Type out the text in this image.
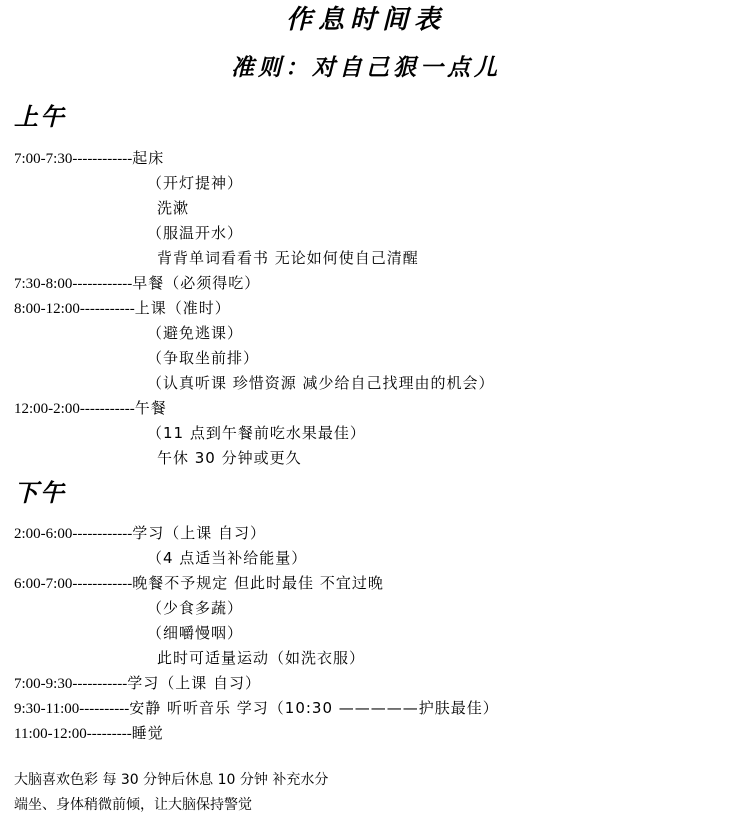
作息时间表
准则：对自己狠一点儿
上午
7:00-7:30------------起床
（开灯提神）
洗漱
（服温开水）
背背单词看看书 无论如何使自己清醒
7:30-8:00------------早餐（必须得吃）
8:00-12:00-----------上课（准时）
（避免逃课）
（争取坐前排）
（认真听课 珍惜资源 减少给自己找理由的机会）
12:00-2:00-----------午餐
（11 点到午餐前吃水果最佳）
午休 30 分钟或更久
下午
2:00-6:00------------学习（上课 自习）
（4 点适当补给能量）
6:00-7:00------------晚餐不予规定 但此时最佳 不宜过晚
（少食多蔬）
（细嚼慢咽）
此时可适量运动（如洗衣服）
7:00-9:30-----------学习（上课 自习）
9:30-11:00----------安静 听听音乐 学习（10:30 —————护肤最佳）
11:00-12:00---------睡觉
大脑喜欢色彩 每 30 分钟后休息 10 分钟 补充水分
端坐、身体稍微前倾，让大脑保持警觉
